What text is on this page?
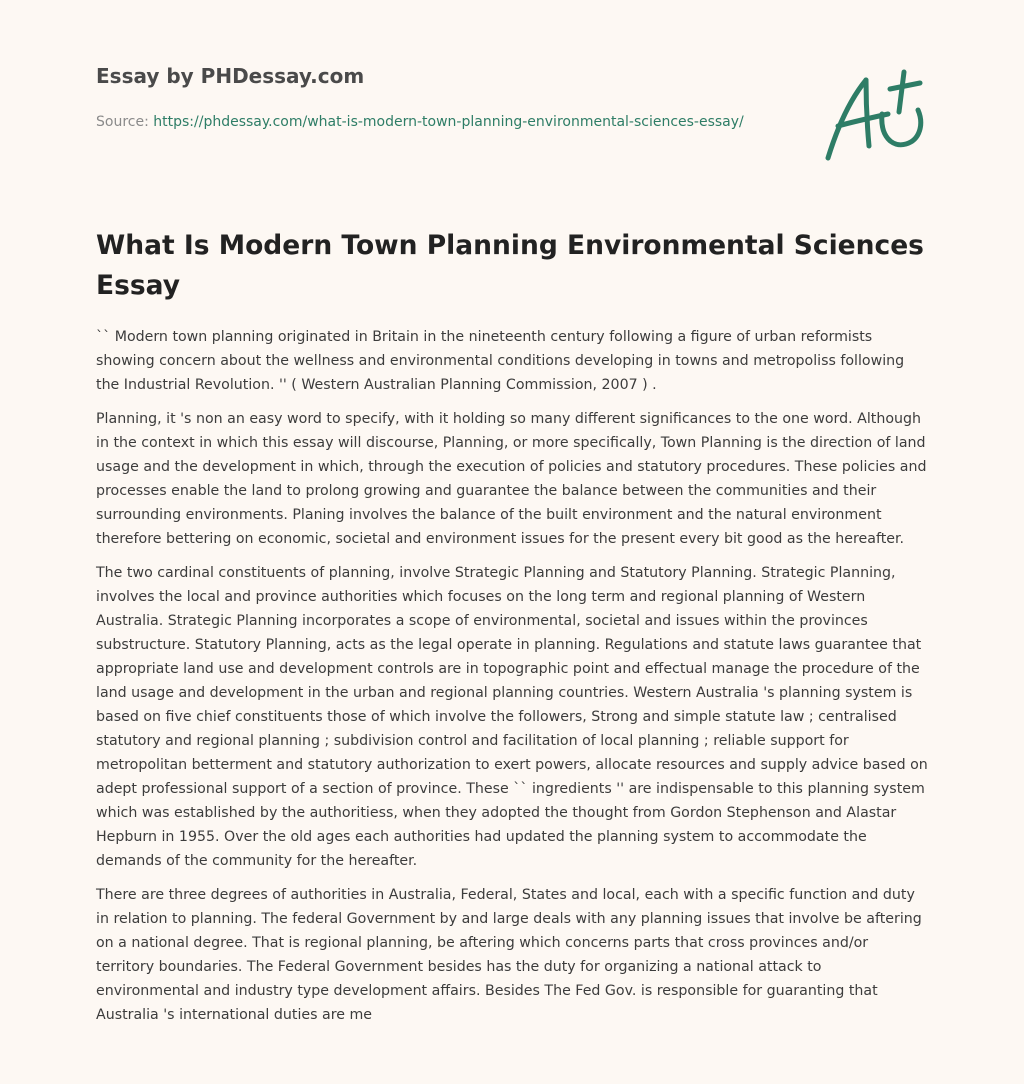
Essay by PHDessay.com
Source: https://phdessay.com/what-is-modern-town-planning-environmental-sciences-essay/
What Is Modern Town Planning Environmental Sciences Essay

`` Modern town planning originated in Britain in the nineteenth century following a figure of urban reformists showing concern about the wellness and environmental conditions developing in towns and metropoliss following the Industrial Revolution. '' ( Western Australian Planning Commission, 2007 ) .

Planning, it 's non an easy word to specify, with it holding so many different significances to the one word. Although in the context in which this essay will discourse, Planning, or more specifically, Town Planning is the direction of land usage and the development in which, through the execution of policies and statutory procedures. These policies and processes enable the land to prolong growing and guarantee the balance between the communities and their surrounding environments. Planing involves the balance of the built environment and the natural environment therefore bettering on economic, societal and environment issues for the present every bit good as the hereafter.

The two cardinal constituents of planning, involve Strategic Planning and Statutory Planning. Strategic Planning, involves the local and province authorities which focuses on the long term and regional planning of Western Australia. Strategic Planning incorporates a scope of environmental, societal and issues within the provinces substructure. Statutory Planning, acts as the legal operate in planning. Regulations and statute laws guarantee that appropriate land use and development controls are in topographic point and effectual manage the procedure of the land usage and development in the urban and regional planning countries. Western Australia 's planning system is based on five chief constituents those of which involve the followers, Strong and simple statute law ; centralised statutory and regional planning ; subdivision control and facilitation of local planning ; reliable support for metropolitan betterment and statutory authorization to exert powers, allocate resources and supply advice based on adept professional support of a section of province. These `` ingredients '' are indispensable to this planning system which was established by the authoritiess, when they adopted the thought from Gordon Stephenson and Alastar Hepburn in 1955. Over the old ages each authorities had updated the planning system to accommodate the demands of the community for the hereafter.

There are three degrees of authorities in Australia, Federal, States and local, each with a specific function and duty in relation to planning. The federal Government by and large deals with any planning issues that involve be aftering on a national degree. That is regional planning, be aftering which concerns parts that cross provinces and/or territory boundaries. The Federal Government besides has the duty for organizing a national attack to environmental and industry type development affairs. Besides The Fed Gov. is responsible for guaranting that Australia 's international duties are me
